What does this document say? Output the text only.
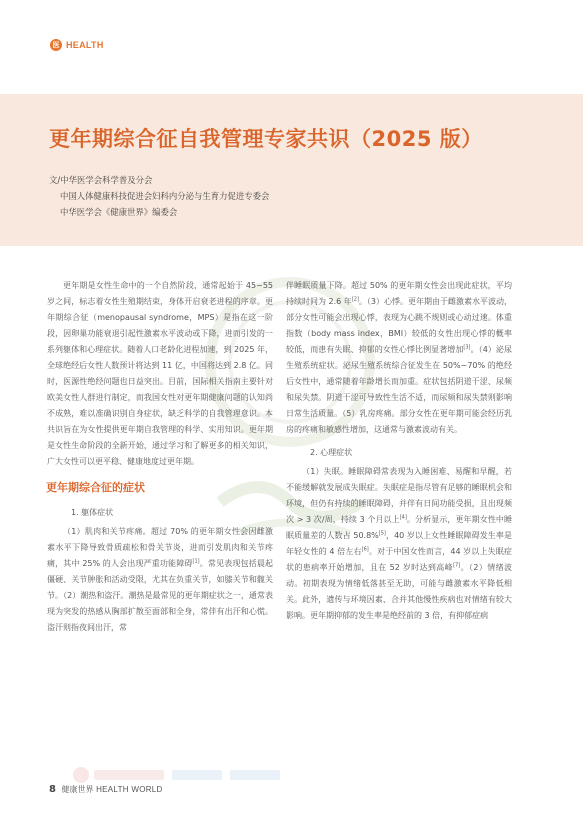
医 HEALTH
更年期综合征自我管理专家共识（2025 版）
文/中华医学会科学普及分会
中国人体健康科技促进会妇科内分泌与生育力促进专委会
中华医学会《健康世界》编委会

更年期是女性生命中的一个自然阶段，通常起始于 45~55 岁之间，标志着女性生殖期结束，身体开启衰老进程的序章。更年期综合征（menopausal syndrome，MPS）是指在这一阶段，因卵巢功能衰退引起性激素水平波动或下降，进而引发的一系列躯体和心理症状。随着人口老龄化进程加速，到 2025 年，全球绝经后女性人数预计将达到 11 亿，中国将达到 2.8 亿。同时，医源性绝经问题也日益突出。目前，国际相关指南主要针对欧美女性人群进行制定，而我国女性对更年期健康问题的认知尚不成熟，难以准确识别自身症状，缺乏科学的自我管理意识。本共识旨在为女性提供更年期自我管理的科学、实用知识。更年期是女性生命阶段的全新开始，通过学习和了解更多的相关知识，广大女性可以更平稳、健康地度过更年期。

更年期综合征的症状
1. 躯体症状

（1）肌肉和关节疼痛。超过 70% 的更年期女性会因雌激素水平下降导致骨质疏松和骨关节炎，进而引发肌肉和关节疼痛，其中 25% 的人会出现严重功能障碍[1]。常见表现包括晨起僵硬、关节肿胀和活动受限，尤其在负重关节，如膝关节和髋关节。（2）潮热和盗汗。潮热是最常见的更年期症状之一，通常表现为突发的热感从胸部扩散至面部和全身，常伴有出汗和心慌。盗汗则指夜间出汗，常

伴睡眠质量下降。超过 50% 的更年期女性会出现此症状，平均持续时间为 2.6 年[2]。（3）心悸。更年期由于雌激素水平波动，部分女性可能会出现心悸，表现为心跳不规则或心动过速。体重指数（body mass index，BMI）较低的女性出现心悸的概率较低，而患有失眠、抑郁的女性心悸比例显著增加[3]。（4）泌尿生殖系统症状。泌尿生殖系统综合征发生在 50%~70% 的绝经后女性中，通常随着年龄增长而加重。症状包括阴道干涩、尿频和尿失禁。阴道干涩可导致性生活不适，而尿频和尿失禁则影响日常生活质量。（5）乳房疼痛。部分女性在更年期可能会经历乳房的疼痛和敏感性增加，这通常与激素波动有关。

2. 心理症状

（1）失眠。睡眠障碍常表现为入睡困难、易醒和早醒，若不能缓解就发展成失眠症。失眠症是指尽管有足够的睡眠机会和环境，但仍有持续的睡眠障碍，并伴有日间功能受损，且出现频次 > 3 次/周，持续 3 个月以上[4]。分析显示，更年期女性中睡眠质量差的人数占 50.8%[5]，40 岁以上女性睡眠障碍发生率是年轻女性的 4 倍左右[6]。对于中国女性而言，44 岁以上失眠症状的患病率开始增加，且在 52 岁时达到高峰[7]。（2）情绪波动。初期表现为情绪低落甚至无助，可能与雌激素水平降低相关。此外，遗传与环境因素、合并其他慢性疾病也对情绪有较大影响。更年期抑郁的发生率是绝经前的 3 倍，有抑郁症病

8 健康世界 HEALTH WORLD
